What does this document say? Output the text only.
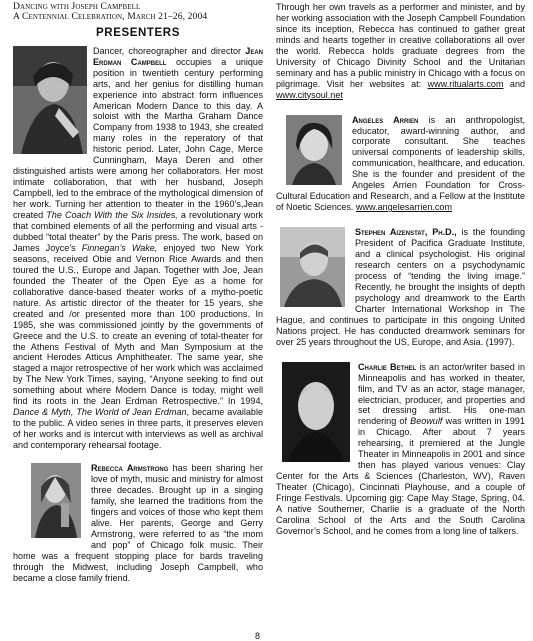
Dancing with Joseph Campbell
A Centennial Celebration, March 21–26, 2004
PRESENTERS

Dancer, choreographer and director Jean Erdman Campbell occupies a unique position in twentieth century performing arts, and her genius for distilling human experience into abstract form influences American Modern Dance to this day. A soloist with the Martha Graham Dance Company from 1938 to 1943, she created many roles in the reperatory of that historic period. Later, John Cage, Merce Cunningham, Maya Deren and other distinguished artists were among her collaborators. Her most intimate collaboration, that with her husband, Joseph Campbell, led to the embrace of the mythological dimension of her work. Turning her attention to theater in the 1960’s,Jean created The Coach With the Six Insides, a revolutionary work that combined elements of all the performing and visual arts - dubbed “total theater” by the Paris press. The work, based on James Joyce’s Finnegan’s Wake, enjoyed two New York seasons, received Obie and Vernon Rice Awards and then toured the U.S., Europe and Japan. Together with Joe, Jean founded the Theater of the Open Eye as a home for collaborative dance-based theater works of a mytho-poetic nature. As artistic director of the theater for 15 years, she created and /or presented more than 100 productions. In 1985, she was commissioned jointly by the governments of Greece and the U.S. to create an evening of total-theater for the Athens Festival of Myth and Man Symposium at the ancient Herodes Atticus Amphitheater. The same year, she staged a major retrospective of her work which was acclaimed by The New York Times, saying, “Anyone seeking to find out something about where Modern Dance is today, might well find its roots in the Jean Erdman Retrospective.” In 1994, Dance & Myth, The World of Jean Erdman, became available to the public. A video series in three parts, it preserves eleven of her works and is intercut with interviews as well as archival and contemporary rehearsal footage.

Rebecca Armstrong has been sharing her love of myth, music and ministry for almost three decades. Brought up in a singing family, she learned the traditions from the fingers and voices of those who kept them alive. Her parents, George and Gerry Armstrong, were referred to as “the mom and pop” of Chicago folk music. Their home was a frequent stopping place for bards traveling through the Midwest, including Joseph Campbell, who became a close family friend.

Through her own travels as a performer and minister, and by her working association with the Joseph Campbell Foundation since its inception, Rebecca has continued to gather great minds and hearts together in creative collaborations all over the world. Rebecca holds graduate degrees from the University of Chicago Divinity School and the Unitarian seminary and has a public ministry in Chicago with a focus on pilgrimage. Visit her websites at: www.ritualarts.com and www.citysoul.net

Angeles Arrien is an anthropologist, educator, award-winning author, and corporate consultant. She teaches universal components of leadership skills, communication, healthcare, and education. She is the founder and president of the Angeles Arrien Foundation for Cross-Cultural Education and Research, and a Fellow at the Institute of Noetic Sciences. www.angelesarrien.com

Stephen Aizenstat, Ph.D., is the founding President of Pacifica Graduate Institute, and a clinical psychologist. His original research centers on a psychodynamic process of “tending the living image.” Recently, he brought the insights of depth psychology and dreamwork to the Earth Charter International Workshop in The Hague, and continues to participate in this ongoing United Nations project. He has conducted dreamwork seminars for over 25 years throughout the US, Europe, and Asia. (1997).

Charlie Bethel is an actor/writer based in Minneapolis and has worked in theater, film, and TV as an actor, stage manager, electrician, producer, and properties and set dressing artist. His one-man rendering of Beowulf was written in 1991 in Chicago. After about 7 years rehearsing, it premiered at the Jungle Theater in Minneapolis in 2001 and since then has played various venues: Clay Center for the Arts & Sciences (Charleston, WV), Raven Theater (Chicago), Cincinnati Playhouse, and a couple of Fringe Festivals. Upcoming gig: Cape May Stage, Spring, 04. A native Southerner, Charlie is a graduate of the North Carolina School of the Arts and the South Carolina Governor’s School, and he comes from a long line of talkers.

8
